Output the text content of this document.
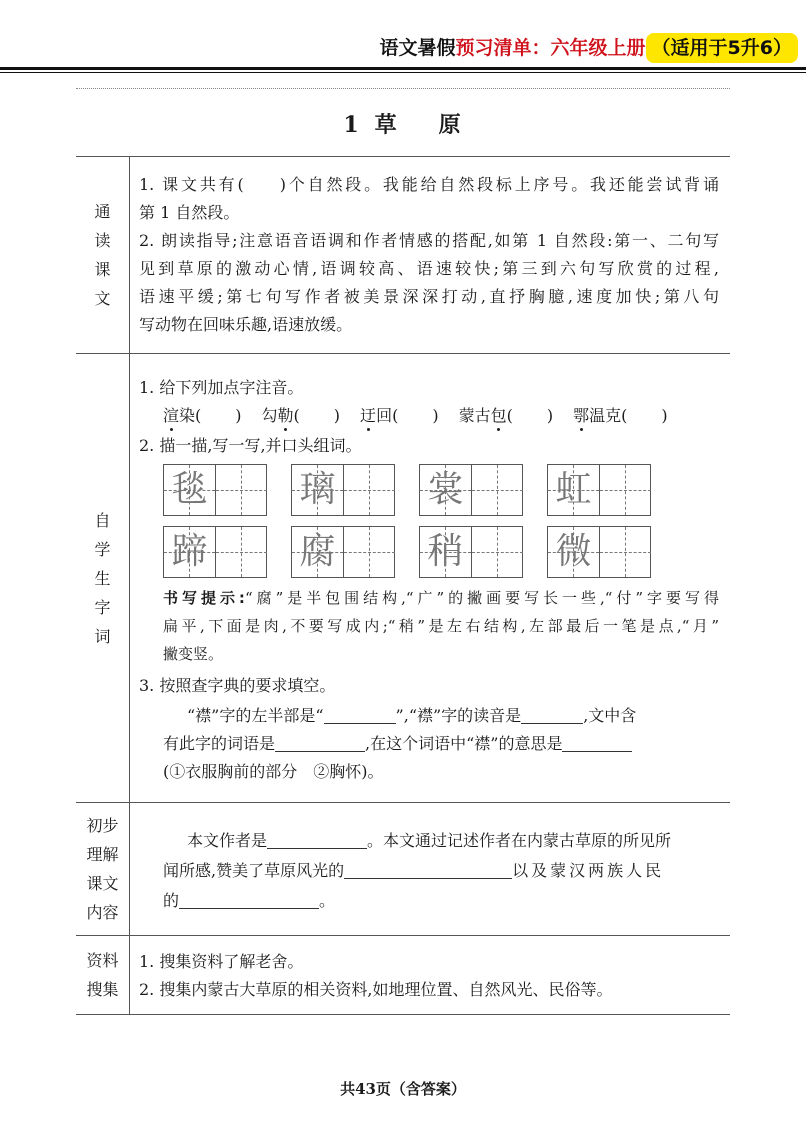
语文暑假预习清单：六年级上册 （适用于5升6）
1 草 原
通读课文
1. 课文共有( )个自然段。我能给自然段标上序号。我还能尝试背诵
第 1 自然段。
2. 朗读指导;注意语音语调和作者情感的搭配,如第 1 自然段:第一、二句写
见到草原的激动心情,语调较高、语速较快;第三到六句写欣赏的过程,
语速平缓;第七句写作者被美景深深打动,直抒胸臆,速度加快;第八句
写动物在回味乐趣,语速放缓。
自学生字词
1. 给下列加点字注音。
渲染( ) 勾勒( ) 迂回( ) 蒙古包( ) 鄂温克( )
2. 描一描,写一写,并口头组词。
毯	璃	裳	虹
蹄	腐	稍	微
书写提示:“腐”是半包围结构,“广”的撇画要写长一些,“付”字要写得
扁平,下面是肉,不要写成内;“稍”是左右结构,左部最后一笔是点,“月”
撇变竖。
3. 按照查字典的要求填空。
“襟”字的左半部是“	”,“襟”字的读音是	,文中含
有此字的词语是	,在这个词语中“襟”的意思是
(①衣服胸前的部分　②胸怀)。
初步理解课文内容
本文作者是	。本文通过记述作者在内蒙古草原的所见所
闻所感,赞美了草原风光的	以及蒙汉两族人民
的	。
资料搜集
1. 搜集资料了解老舍。
2. 搜集内蒙古大草原的相关资料,如地理位置、自然风光、民俗等。
共43页（含答案）
